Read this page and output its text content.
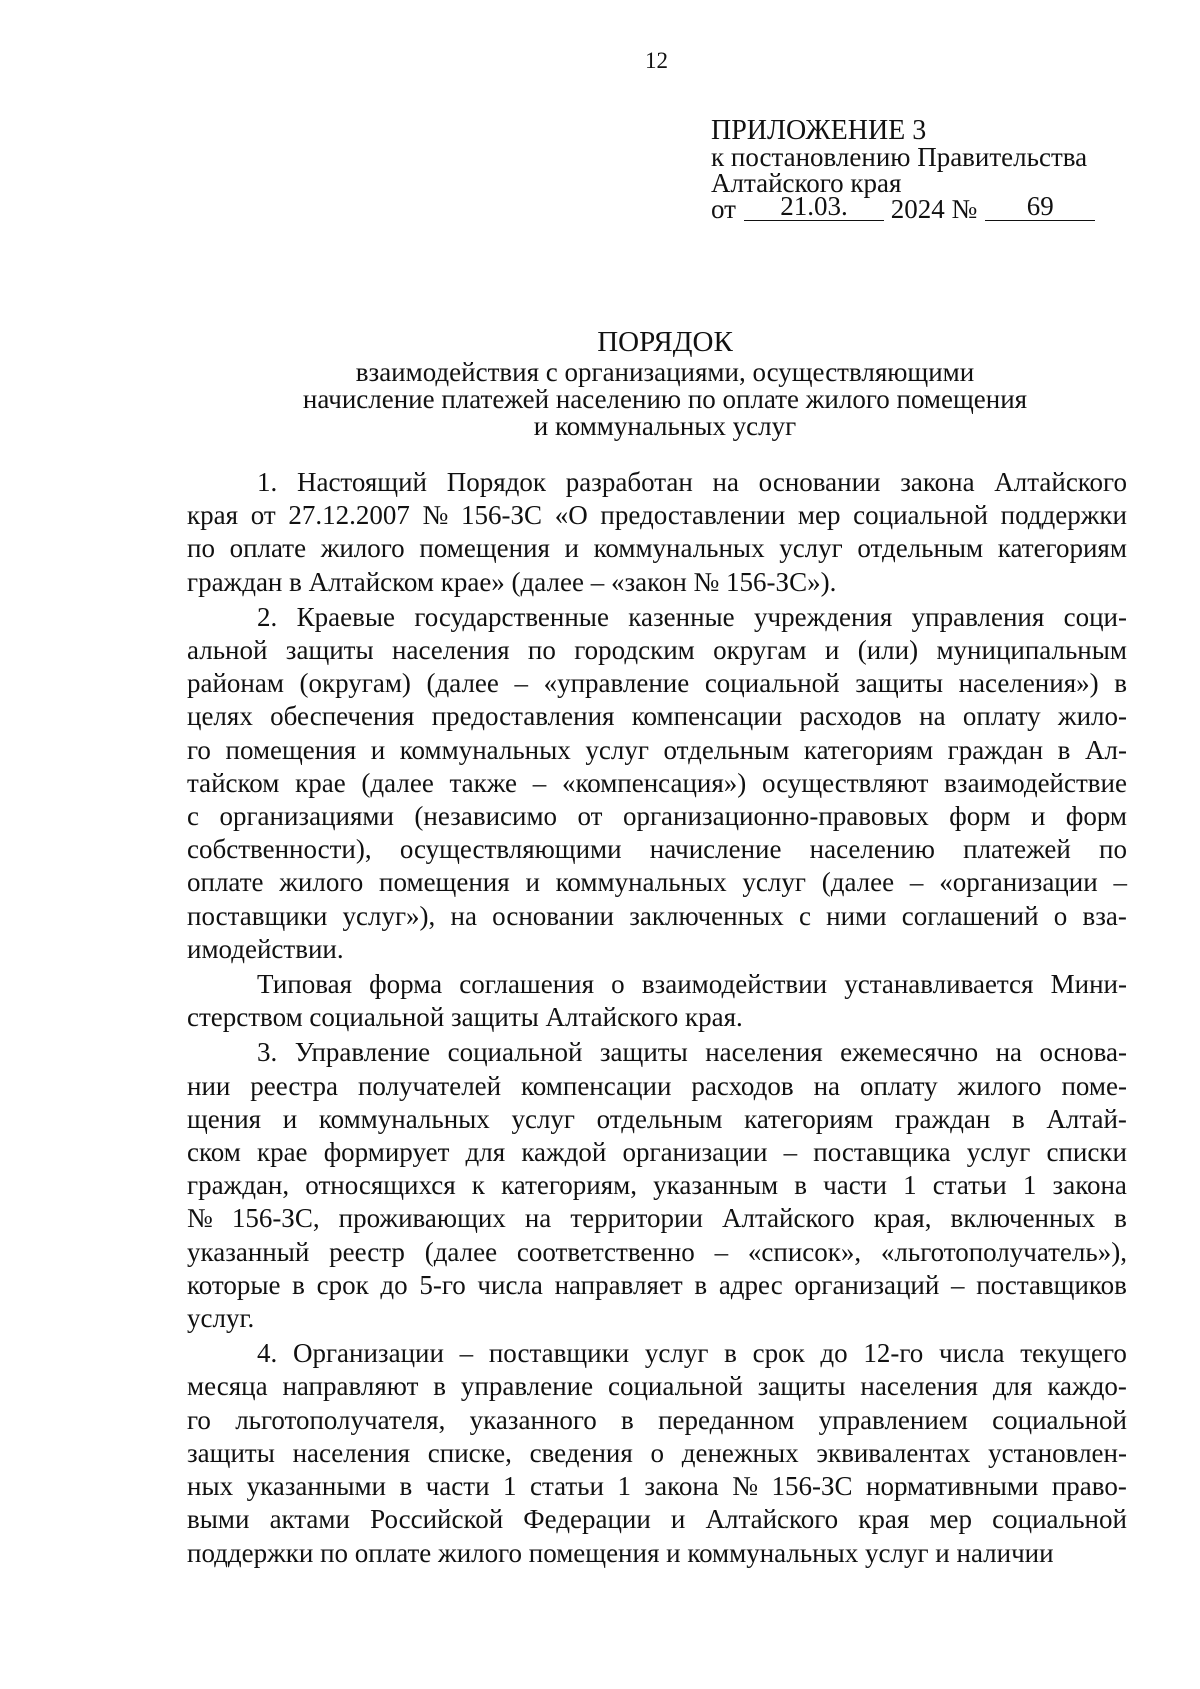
12
ПРИЛОЖЕНИЕ 3
к постановлению Правительства
Алтайского края
от 21.03. 2024 № 69
ПОРЯДОК
взаимодействия с организациями, осуществляющими
начисление платежей населению по оплате жилого помещения
и коммунальных услуг
1. Настоящий Порядок разработан на основании закона Алтайского
края от 27.12.2007 № 156-ЗС «О предоставлении мер социальной поддержки
по оплате жилого помещения и коммунальных услуг отдельным категориям
граждан в Алтайском крае» (далее – «закон № 156-ЗС»).
2. Краевые государственные казенные учреждения управления соци-
альной защиты населения по городским округам и (или) муниципальным
районам (округам) (далее – «управление социальной защиты населения») в
целях обеспечения предоставления компенсации расходов на оплату жило-
го помещения и коммунальных услуг отдельным категориям граждан в Ал-
тайском крае (далее также – «компенсация») осуществляют взаимодействие
с организациями (независимо от организационно-правовых форм и форм
собственности), осуществляющими начисление населению платежей по
оплате жилого помещения и коммунальных услуг (далее – «организации –
поставщики услуг»), на основании заключенных с ними соглашений о вза-
имодействии.
Типовая форма соглашения о взаимодействии устанавливается Мини-
стерством социальной защиты Алтайского края.
3. Управление социальной защиты населения ежемесячно на основа-
нии реестра получателей компенсации расходов на оплату жилого поме-
щения и коммунальных услуг отдельным категориям граждан в Алтай-
ском крае формирует для каждой организации – поставщика услуг списки
граждан, относящихся к категориям, указанным в части 1 статьи 1 закона
№ 156-ЗС, проживающих на территории Алтайского края, включенных в
указанный реестр (далее соответственно – «список», «льготополучатель»),
которые в срок до 5-го числа направляет в адрес организаций – поставщиков
услуг.
4. Организации – поставщики услуг в срок до 12-го числа текущего
месяца направляют в управление социальной защиты населения для каждо-
го льготополучателя, указанного в переданном управлением социальной
защиты населения списке, сведения о денежных эквивалентах установлен-
ных указанными в части 1 статьи 1 закона № 156-ЗС нормативными право-
выми актами Российской Федерации и Алтайского края мер социальной
поддержки по оплате жилого помещения и коммунальных услуг и наличии
